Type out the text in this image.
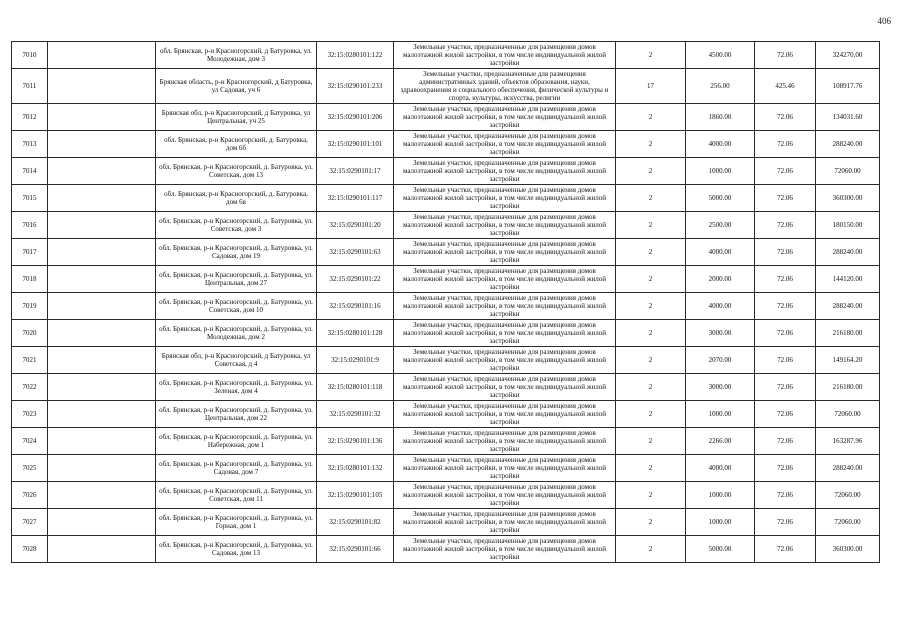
406
7010		обл. Брянская, р-н Красногорский, д Батуровка, ул. Молодежная, дом 3	32:15:0280101:122	Земельные участки, предназначенные для размещения домов малоэтажной жилой застройки, в том числе индивидуальной жилой застройки	2	4500.00	72.06	324270.00
7011		Брянская область, р-н Красногорский, д Батуровка, ул Садовая, уч 6	32:15:0290101:233	Земельные участки, предназначенные для размещения административных зданий, объектов образования, науки, здравоохранения и социального обеспечения, физической культуры и спорта, культуры, искусства, религии	17	256.00	425.46	108917.76
7012		Брянская обл, р-н Красногорский, д Батуровка, ул Центральная, уч 25	32:15:0290101:206	Земельные участки, предназначенные для размещения домов малоэтажной жилой застройки, в том числе индивидуальной жилой застройки	2	1860.00	72.06	134031.60
7013		обл. Брянская, р-н Красногорский, д. Батуровка, дом 6б	32:15:0290101:101	Земельные участки, предназначенные для размещения домов малоэтажной жилой застройки, в том числе индивидуальной жилой застройки	2	4000.00	72.06	288240.00
7014		обл. Брянская, р-н Красногорский, д. Батуровка, ул. Советская, дом 13	32:15:0290101:17	Земельные участки, предназначенные для размещения домов малоэтажной жилой застройки, в том числе индивидуальной жилой застройки	2	1000.00	72.06	72060.00
7015		обл. Брянская, р-н Красногорский, д. Батуровка, дом 6в	32:15:0290101:117	Земельные участки, предназначенные для размещения домов малоэтажной жилой застройки, в том числе индивидуальной жилой застройки	2	5000.00	72.06	360300.00
7016		обл. Брянская, р-н Красногорский, д. Батуровка, ул. Советская, дом 3	32:15:0290101:20	Земельные участки, предназначенные для размещения домов малоэтажной жилой застройки, в том числе индивидуальной жилой застройки	2	2500.00	72.06	180150.00
7017		обл. Брянская, р-н Красногорский, д. Батуровка, ул. Садовая, дом 19	32:15:0290101:63	Земельные участки, предназначенные для размещения домов малоэтажной жилой застройки, в том числе индивидуальной жилой застройки	2	4000.00	72.06	288240.00
7018		обл. Брянская, р-н Красногорский, д. Батуровка, ул. Центральная, дом 27	32:15:0290101:22	Земельные участки, предназначенные для размещения домов малоэтажной жилой застройки, в том числе индивидуальной жилой застройки	2	2000.00	72.06	144120.00
7019		обл. Брянская, р-н Красногорский, д. Батуровка, ул. Советская, дом 10	32:15:0290101:16	Земельные участки, предназначенные для размещения домов малоэтажной жилой застройки, в том числе индивидуальной жилой застройки	2	4000.00	72.06	288240.00
7020		обл. Брянская, р-н Красногорский, д. Батуровка, ул. Молодежная, дом 2	32:15:0280101:128	Земельные участки, предназначенные для размещения домов малоэтажной жилой застройки, в том числе индивидуальной жилой застройки	2	3000.00	72.06	216180.00
7021		Брянская обл, р-н Красногорский, д Батуровка, ул Советская, д 4	32:15:0290101:9	Земельные участки, предназначенные для размещения домов малоэтажной жилой застройки, в том числе индивидуальной жилой застройки	2	2070.00	72.06	149164.20
7022		обл. Брянская, р-н Красногорский, д. Батуровка, ул. Зеленая, дом 4	32:15:0280101:118	Земельные участки, предназначенные для размещения домов малоэтажной жилой застройки, в том числе индивидуальной жилой застройки	2	3000.00	72.06	216180.00
7023		обл. Брянская, р-н Красногорский, д. Батуровка, ул. Центральная, дом 22	32:15:0290101:32	Земельные участки, предназначенные для размещения домов малоэтажной жилой застройки, в том числе индивидуальной жилой застройки	2	1000.00	72.06	72060.00
7024		обл. Брянская, р-н Красногорский, д. Батуровка, ул. Набережная, дом 1	32:15:0290101:136	Земельные участки, предназначенные для размещения домов малоэтажной жилой застройки, в том числе индивидуальной жилой застройки	2	2266.00	72.06	163287.96
7025		обл. Брянская, р-н Красногорский, д. Батуровка, ул. Садовая, дом 7	32:15:0280101:132	Земельные участки, предназначенные для размещения домов малоэтажной жилой застройки, в том числе индивидуальной жилой застройки	2	4000.00	72.06	288240.00
7026		обл. Брянская, р-н Красногорский, д. Батуровка, ул. Советская, дом 11	32:15:0290101:105	Земельные участки, предназначенные для размещения домов малоэтажной жилой застройки, в том числе индивидуальной жилой застройки	2	1000.00	72.06	72060.00
7027		обл. Брянская, р-н Красногорский, д. Батуровка, ул. Горная, дом 1	32:15:0290101:82	Земельные участки, предназначенные для размещения домов малоэтажной жилой застройки, в том числе индивидуальной жилой застройки	2	1000.00	72.06	72060.00
7028		обл. Брянская, р-н Красногорский, д. Батуровка, ул. Садовая, дом 13	32:15:0290101:66	Земельные участки, предназначенные для размещения домов малоэтажной жилой застройки, в том числе индивидуальной жилой застройки	2	5000.00	72.06	360300.00
